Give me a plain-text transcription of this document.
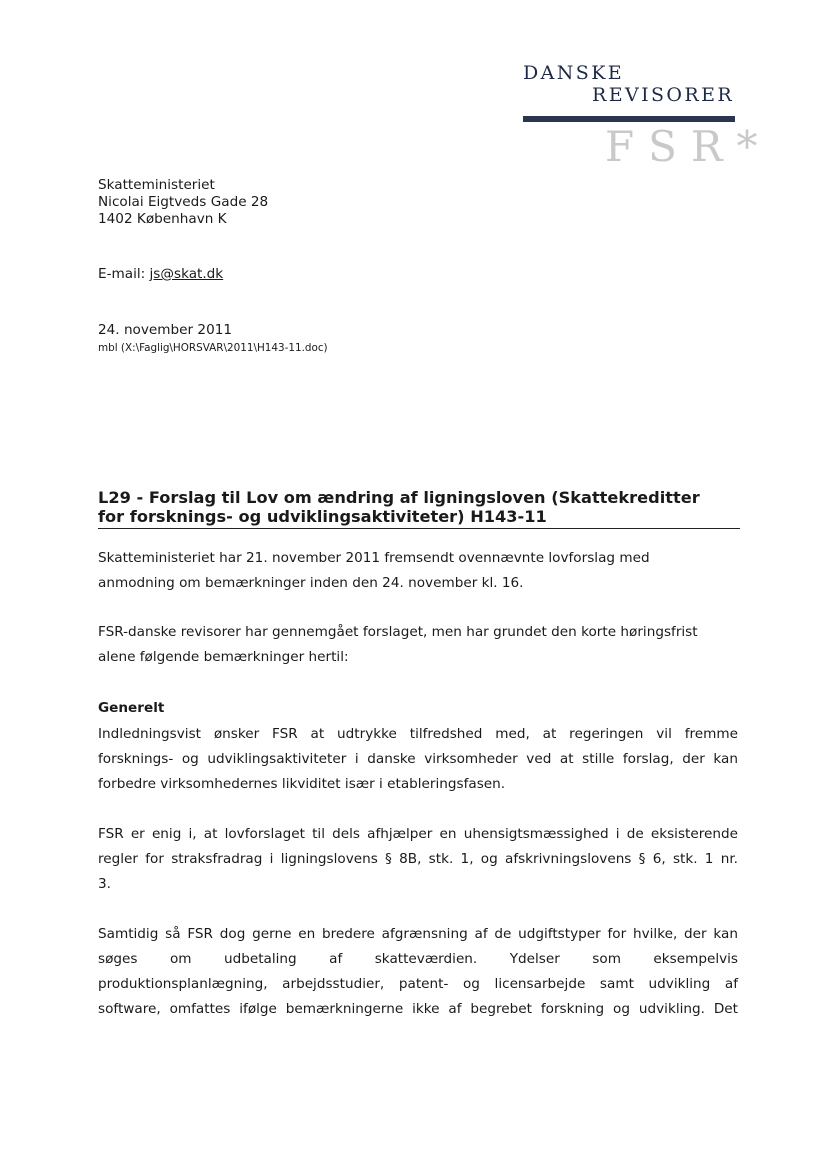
DANSKE
REVISORER
FSR*
Skatteministeriet
Nicolai Eigtveds Gade 28
1402 København K
E-mail: js@skat.dk
24. november 2011
mbl (X:\Faglig\HORSVAR\2011\H143-11.doc)
L29 - Forslag til Lov om ændring af ligningsloven (Skattekreditter
for forsknings- og udviklingsaktiviteter) H143-11
Skatteministeriet har 21. november 2011 fremsendt ovennævnte lovforslag med
anmodning om bemærkninger inden den 24. november kl. 16.
FSR-danske revisorer har gennemgået forslaget, men har grundet den korte høringsfrist
alene følgende bemærkninger hertil:
Generelt
Indledningsvist ønsker FSR at udtrykke tilfredshed med, at regeringen vil fremme
forsknings- og udviklingsaktiviteter i danske virksomheder ved at stille forslag, der kan
forbedre virksomhedernes likviditet især i etableringsfasen.
FSR er enig i, at lovforslaget til dels afhjælper en uhensigtsmæssighed i de eksisterende
regler for straksfradrag i ligningslovens § 8B, stk. 1, og afskrivningslovens § 6, stk. 1 nr.
3.
Samtidig så FSR dog gerne en bredere afgrænsning af de udgiftstyper for hvilke, der kan
søges om udbetaling af skatteværdien. Ydelser som eksempelvis
produktionsplanlægning, arbejdsstudier, patent- og licensarbejde samt udvikling af
software, omfattes ifølge bemærkningerne ikke af begrebet forskning og udvikling. Det
